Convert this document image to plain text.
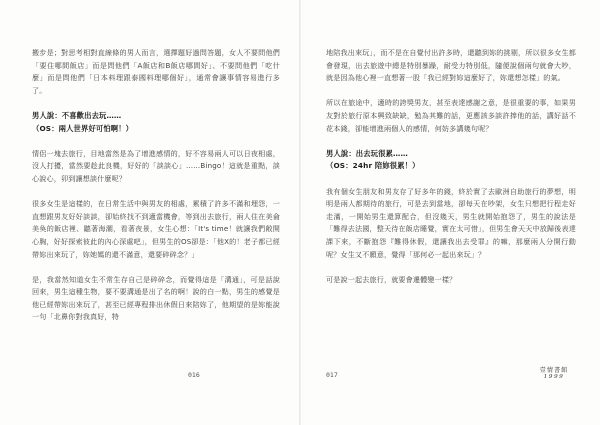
搬步是；對思考相對直線條的男人而言，選擇題好過問答題，女人不要問他們「要住哪間飯店」而是問他們「A飯店和B飯店哪間好」、不要問他們「吃什麼」而是問他們「日本料理跟泰國料理哪個好」，通常會讓事情容易進行多了。

男人說：不喜歡出去玩……

（OS：兩人世界好可怕啊！）

情侶一塊去旅行，目地當然是為了增進感情的，好不容易兩人可以日夜相處，沒人打擾，當然要趁此良機，好好的「談談心」……Bingo！這就是重點，談心說心，卯到讓想談什麼呢？

很多女生是這樣的，在日常生活中與男友的相處，累積了許多不滿和埋怨，一直想跟男友好好談談，卻始終找不到適當機會，等到出去旅行，兩人住在美侖美奐的飯店裡、聽著海潮，看著夜景，女生心想：「It's time！就讓我們敞開心胸，好好探索彼此的內心深處吧」，但男生的OS卻是：「他X的！老子都已經帶妳出來玩了，妳她媽的還不滿意，還要碎碎念？」

是，我當然知道女生不常生存自己是碎碎念，而覺得這是「溝通」，可是話說回來，男生這種生物，要不要溝通是出了名的啊！說的白一點，男生的感覺是他已經帶妳出來玩了，甚至已經專程排出休假日來陪妳了，他期望的是妳能說一句「北鼻你對我真好，特

016

地陪我出來玩」，而不是在自覺付出許多時，還聽到妳的挑剔，所以很多女生都會發現，出去旅遊中總是特別暴躁，耐受力特別低，隨便說個兩句就會大吵，就是因為他心裡一直想著一股「我已經對妳這麼好了，妳還想怎樣」的氣。

所以在旅途中，適時的誇獎男友，甚至表達感謝之意，是很重要的事，如果男友對於旅行原本興致缺缺，勉為其難的話，更應該多談許捧他的話，講好話不花本錢，卻能增進兩個人的感情，何妨多講幾句呢？

男人說：出去玩很累……

（OS：24hr 陪妳很累！）

我有個女生朋友和男友存了好多年的錢，終於實了去歐洲自助旅行的夢想，明明是兩人都期待的旅行，可是去到當地，卻每天在吵架，女生只想把行程走好走滿，一開始男生還算配合，但沒幾天，男生就開始抱怨了，男生的說法是「難得去法國，整天待在飯店睡覺，實在太可惜」，但男生會天天中放歸後表達課下來，不斷抱怨『難得休假，還讓我出去受罪』的嘛，那麼兩人分開行動呢？女生又不願意，覺得「那何必一起出來玩」？

可是說一起去旅行，就要會遷體變一樣？

017
壹情書館
1999
